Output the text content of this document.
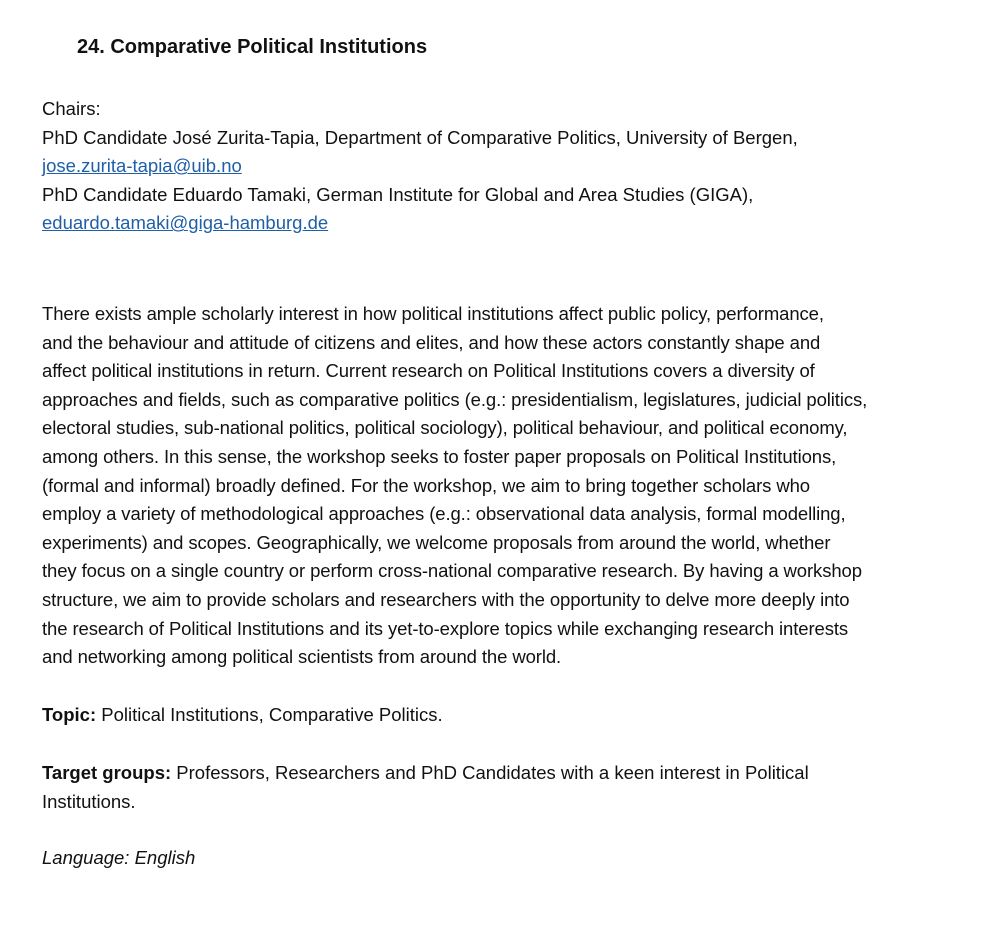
24. Comparative Political Institutions
Chairs:
PhD Candidate José Zurita-Tapia, Department of Comparative Politics, University of Bergen,
jose.zurita-tapia@uib.no
PhD Candidate Eduardo Tamaki, German Institute for Global and Area Studies (GIGA),
eduardo.tamaki@giga-hamburg.de
There exists ample scholarly interest in how political institutions affect public policy, performance,
and the behaviour and attitude of citizens and elites, and how these actors constantly shape and
affect political institutions in return. Current research on Political Institutions covers a diversity of
approaches and fields, such as comparative politics (e.g.: presidentialism, legislatures, judicial politics,
electoral studies, sub-national politics, political sociology), political behaviour, and political economy,
among others. In this sense, the workshop seeks to foster paper proposals on Political Institutions,
(formal and informal) broadly defined. For the workshop, we aim to bring together scholars who
employ a variety of methodological approaches (e.g.: observational data analysis, formal modelling,
experiments) and scopes. Geographically, we welcome proposals from around the world, whether
they focus on a single country or perform cross-national comparative research. By having a workshop
structure, we aim to provide scholars and researchers with the opportunity to delve more deeply into
the research of Political Institutions and its yet-to-explore topics while exchanging research interests
and networking among political scientists from around the world.
Topic: Political Institutions, Comparative Politics.
Target groups: Professors, Researchers and PhD Candidates with a keen interest in Political
Institutions.
Language: English
